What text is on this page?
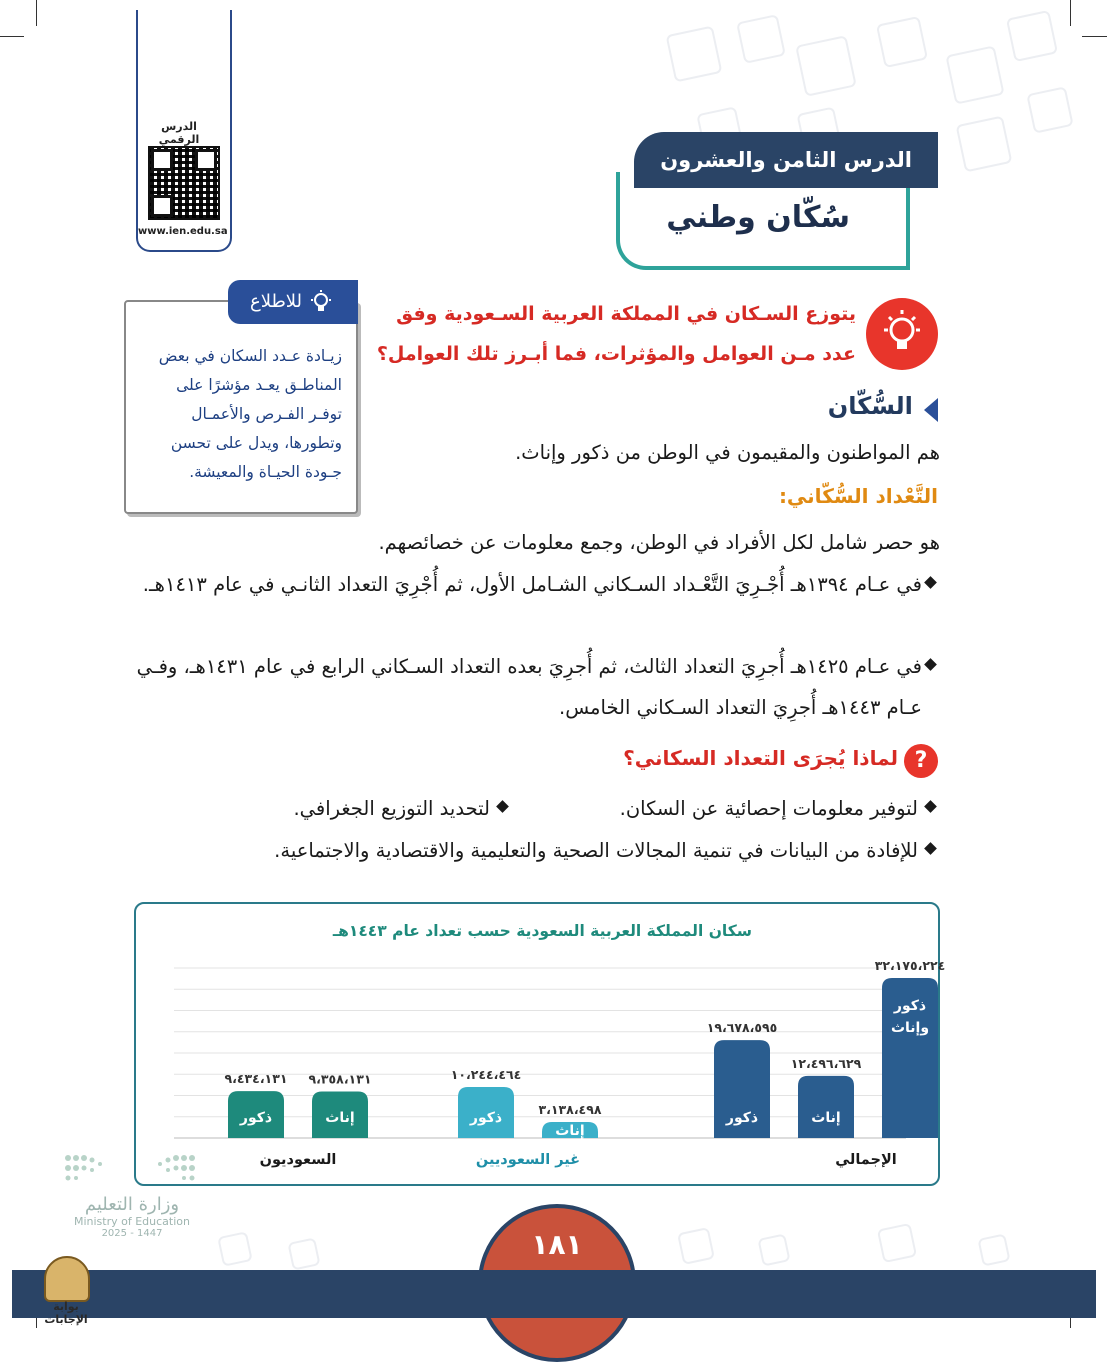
الدرس الرقمي
www.ien.edu.sa
الدرس الثامن والعشرون
سُكّان وطني
للاطلاع
زيـادة عـدد السكان في بعض المناطـق يعـد مؤشرًا على توفـر الفـرص والأعمـال وتطورها، ويدل على تحسن جـودة الحيـاة والمعيشة.
يتوزع السـكان في المملكة العربية السـعودية وفق عدد مـن العوامل والمؤثرات، فما أبـرز تلك العوامل؟
السُّكّان
هم المواطنون والمقيمون في الوطن من ذكور وإناث.
التَّعْداد السُّكّاني:
هو حصر شامل لكل الأفراد في الوطن، وجمع معلومات عن خصائصهم.
في عـام ١٣٩٤هـ أُجْـرِيَ التَّعْـداد السـكاني الشـامل الأول، ثم أُجْرِيَ التعداد الثانـي في عام ١٤١٣هـ.
في عـام ١٤٢٥هـ أُجرِيَ التعداد الثالث، ثم أُجرِيَ بعده التعداد السـكاني الرابع في عام ١٤٣١هـ، وفـي عـام ١٤٤٣هـ أُجرِيَ التعداد السـكاني الخامس.
?
لماذا يُجرَى التعداد السكاني؟
لتوفير معلومات إحصائية عن السكان.
لتحديد التوزيع الجغرافي.
للإفادة من البيانات في تنمية المجالات الصحية والتعليمية والاقتصادية والاجتماعية.
سكان المملكة العربية السعودية حسب تعداد عام ١٤٤٣هـ
٣٢،١٧٥،٢٢٤
ذكور
وإناث
١٢،٤٩٦،٦٢٩
إناث
١٩،٦٧٨،٥٩٥
ذكور
الإجمالي
٣،١٣٨،٤٩٨
إناث
١٠،٢٤٤،٤٦٤
ذكور
غير السعوديين
٩،٣٥٨،١٣١
إناث
٩،٤٣٤،١٣١
ذكور
السعوديون
وزارة التعليم
Ministry of Education
2025 - 1447	١٨١
بوابة الإجابات
